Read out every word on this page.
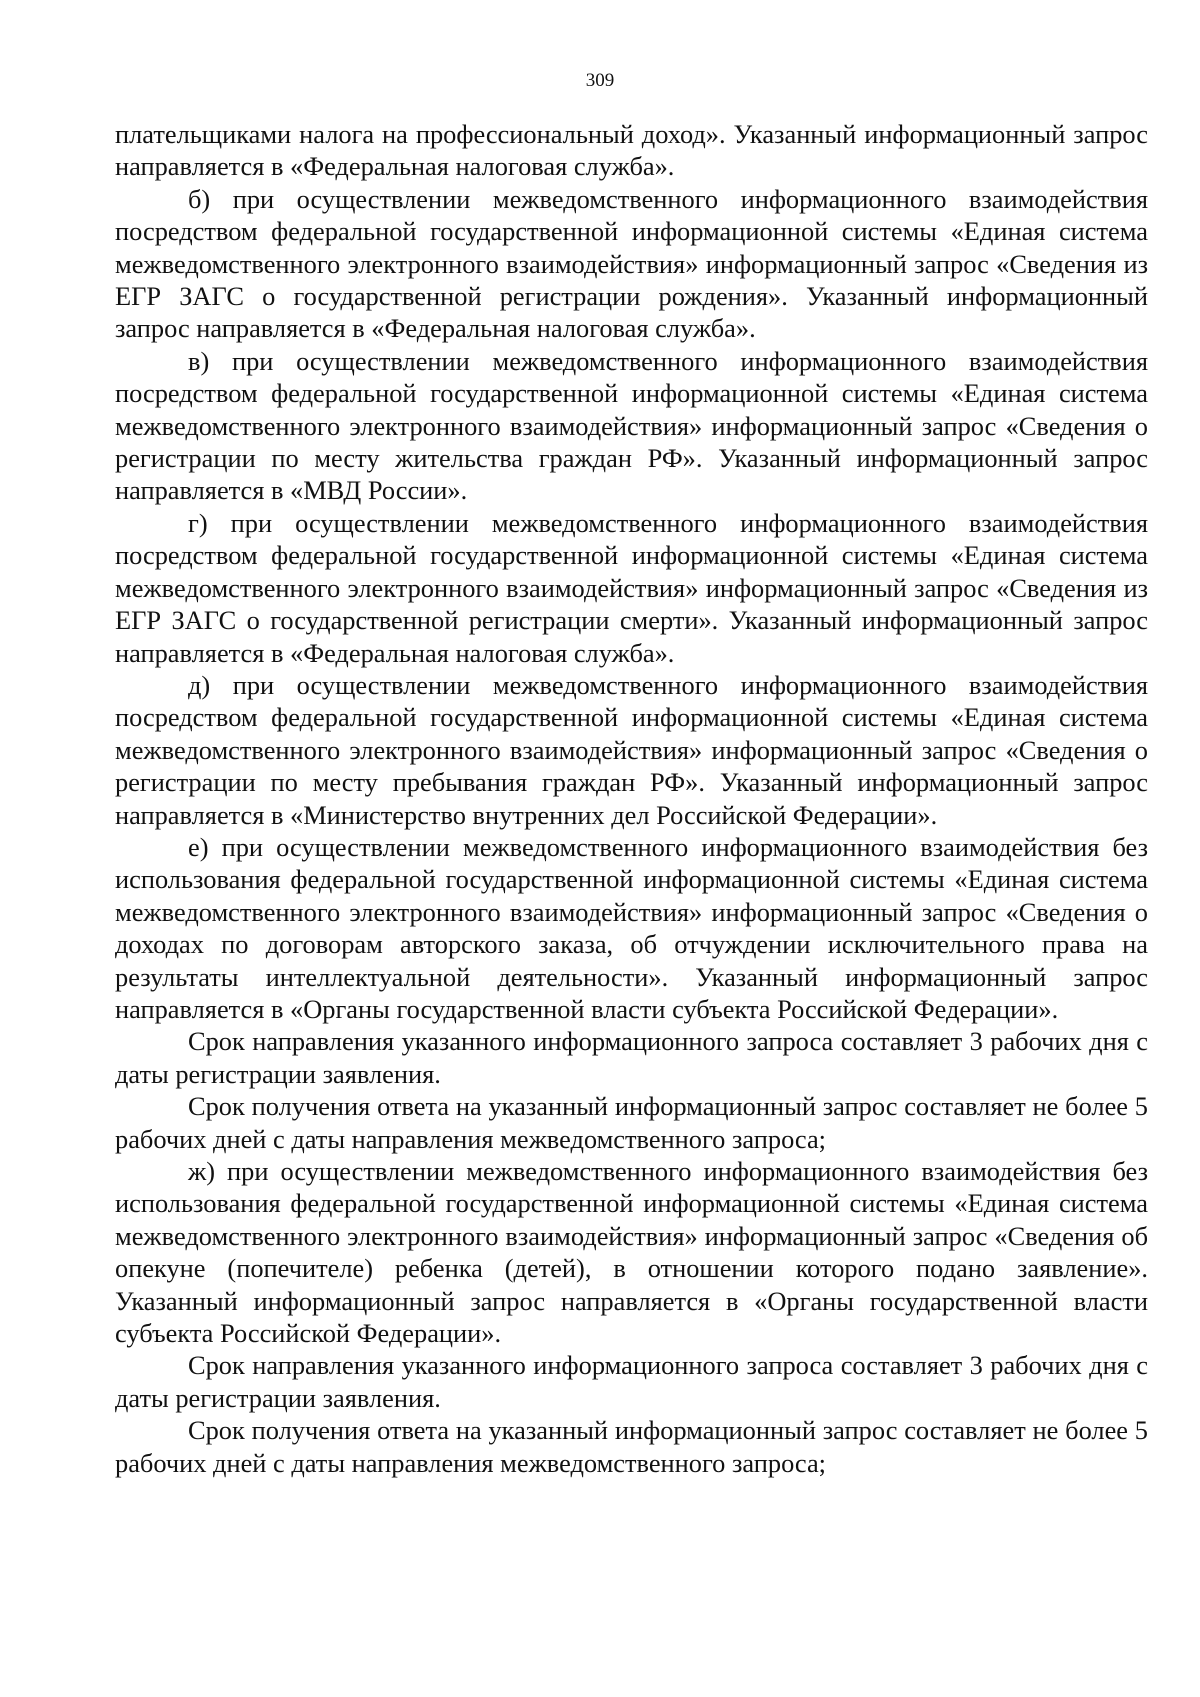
309

плательщиками налога на профессиональный доход». Указанный информационный запрос направляется в «Федеральная налоговая служба».

б) при осуществлении межведомственного информационного взаимодействия посредством федеральной государственной информационной системы «Единая система межведомственного электронного взаимодействия» информационный запрос «Сведения из ЕГР ЗАГС о государственной регистрации рождения». Указанный информационный запрос направляется в «Федеральная налоговая служба».

в) при осуществлении межведомственного информационного взаимодействия посредством федеральной государственной информационной системы «Единая система межведомственного электронного взаимодействия» информационный запрос «Сведения о регистрации по месту жительства граждан РФ». Указанный информационный запрос направляется в «МВД России».

г) при осуществлении межведомственного информационного взаимодействия посредством федеральной государственной информационной системы «Единая система межведомственного электронного взаимодействия» информационный запрос «Сведения из ЕГР ЗАГС о государственной регистрации смерти». Указанный информационный запрос направляется в «Федеральная налоговая служба».

д) при осуществлении межведомственного информационного взаимодействия посредством федеральной государственной информационной системы «Единая система межведомственного электронного взаимодействия» информационный запрос «Сведения о регистрации по месту пребывания граждан РФ». Указанный информационный запрос направляется в «Министерство внутренних дел Российской Федерации».

е) при осуществлении межведомственного информационного взаимодействия без использования федеральной государственной информационной системы «Единая система межведомственного электронного взаимодействия» информационный запрос «Сведения о доходах по договорам авторского заказа, об отчуждении исключительного права на результаты интеллектуальной деятельности». Указанный информационный запрос направляется в «Органы государственной власти субъекта Российской Федерации».

Срок направления указанного информационного запроса составляет 3 рабочих дня с даты регистрации заявления.

Срок получения ответа на указанный информационный запрос составляет не более 5 рабочих дней с даты направления межведомственного запроса;

ж) при осуществлении межведомственного информационного взаимодействия без использования федеральной государственной информационной системы «Единая система межведомственного электронного взаимодействия» информационный запрос «Сведения об опекуне (попечителе) ребенка (детей), в отношении которого подано заявление». Указанный информационный запрос направляется в «Органы государственной власти субъекта Российской Федерации».

Срок направления указанного информационного запроса составляет 3 рабочих дня с даты регистрации заявления.

Срок получения ответа на указанный информационный запрос составляет не более 5 рабочих дней с даты направления межведомственного запроса;
